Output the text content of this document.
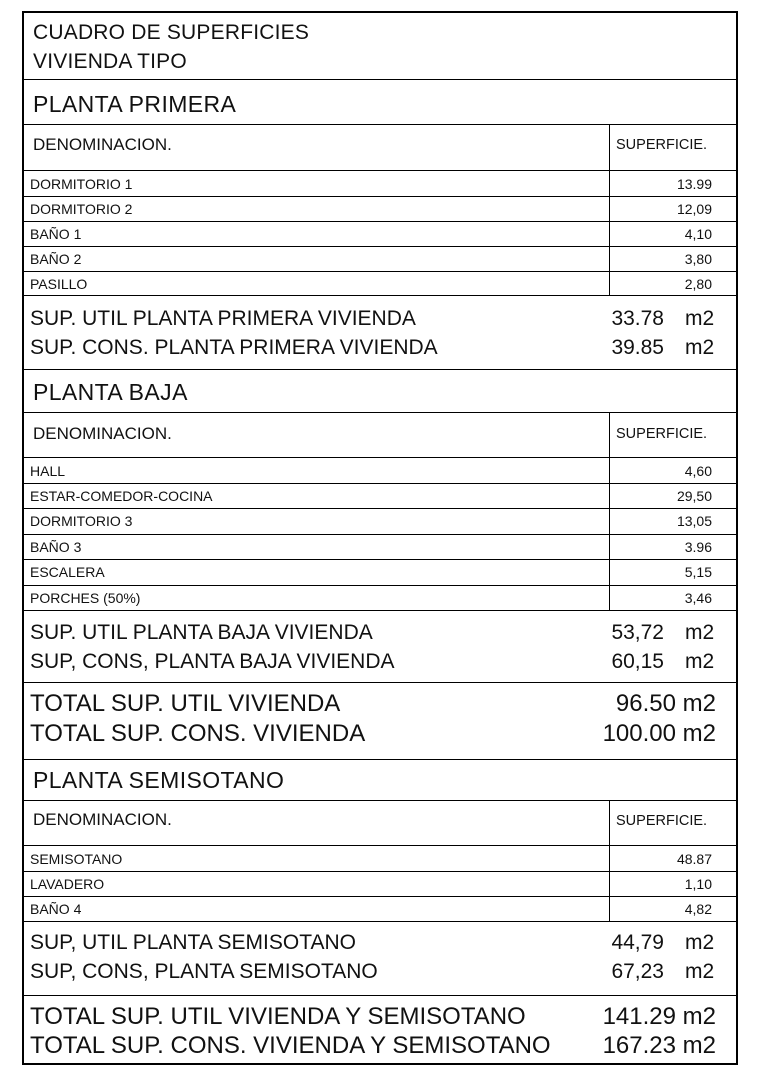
CUADRO DE SUPERFICIES
VIVIENDA TIPO
PLANTA PRIMERA
DENOMINACION.	SUPERFICIE.
DORMITORIO 1	13.99
DORMITORIO 2	12,09
BAÑO 1	4,10
BAÑO 2	3,80
PASILLO	2,80
SUP. UTIL PLANTA PRIMERA VIVIENDA	33.78 m2
SUP. CONS. PLANTA PRIMERA VIVIENDA	39.85 m2
PLANTA BAJA
DENOMINACION.	SUPERFICIE.
HALL	4,60
ESTAR-COMEDOR-COCINA	29,50
DORMITORIO 3	13,05
BAÑO 3	3.96
ESCALERA	5,15
PORCHES (50%)	3,46
SUP. UTIL PLANTA BAJA VIVIENDA	53,72 m2
SUP, CONS, PLANTA BAJA VIVIENDA	60,15 m2
TOTAL SUP. UTIL VIVIENDA	96.50 m2
TOTAL SUP. CONS. VIVIENDA	100.00 m2
PLANTA SEMISOTANO
DENOMINACION.	SUPERFICIE.
SEMISOTANO	48.87
LAVADERO	1,10
BAÑO 4	4,82
SUP, UTIL PLANTA SEMISOTANO	44,79 m2
SUP, CONS, PLANTA SEMISOTANO	67,23 m2
TOTAL SUP. UTIL VIVIENDA Y SEMISOTANO	141.29 m2
TOTAL SUP. CONS. VIVIENDA Y SEMISOTANO	167.23 m2
